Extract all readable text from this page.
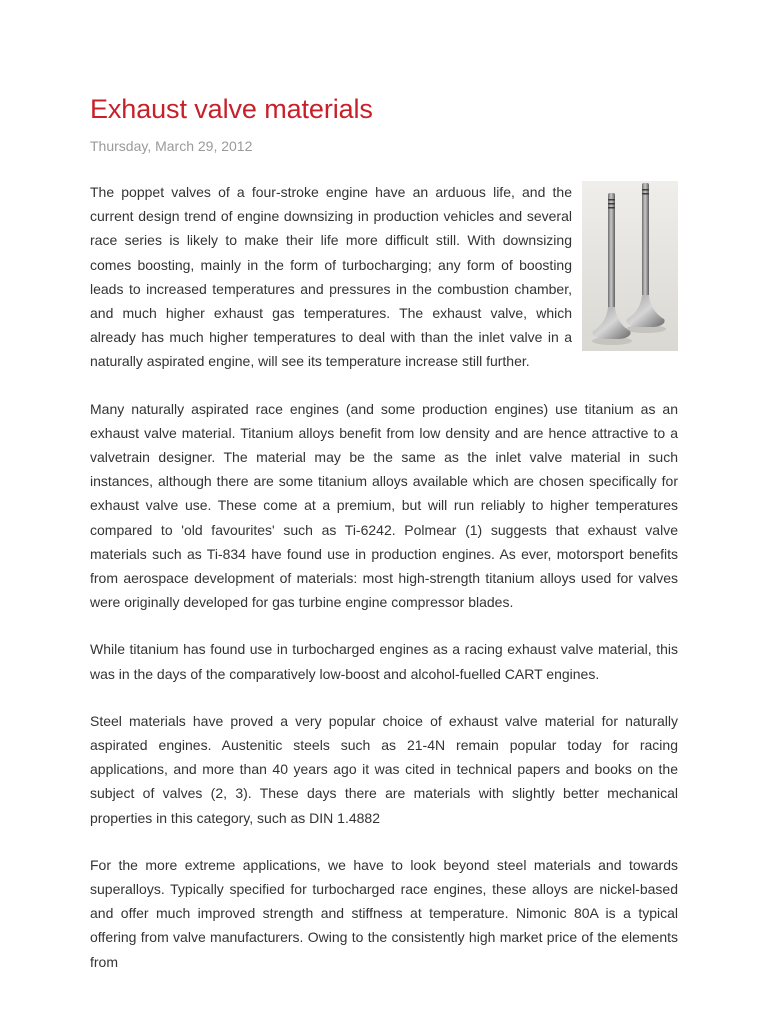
Exhaust valve materials
Thursday, March 29, 2012

The poppet valves of a four-stroke engine have an arduous life, and the current design trend of engine downsizing in production vehicles and several race series is likely to make their life more difficult still. With downsizing comes boosting, mainly in the form of turbocharging; any form of boosting leads to increased temperatures and pressures in the combustion chamber, and much higher exhaust gas temperatures. The exhaust valve, which already has much higher temperatures to deal with than the inlet valve in a naturally aspirated engine, will see its temperature increase still further.

Many naturally aspirated race engines (and some production engines) use titanium as an exhaust valve material. Titanium alloys benefit from low density and are hence attractive to a valvetrain designer. The material may be the same as the inlet valve material in such instances, although there are some titanium alloys available which are chosen specifically for exhaust valve use. These come at a premium, but will run reliably to higher temperatures compared to 'old favourites' such as Ti-6242. Polmear (1) suggests that exhaust valve materials such as Ti-834 have found use in production engines. As ever, motorsport benefits from aerospace development of materials: most high-strength titanium alloys used for valves were originally developed for gas turbine engine compressor blades.

While titanium has found use in turbocharged engines as a racing exhaust valve material, this was in the days of the comparatively low-boost and alcohol-fuelled CART engines.

Steel materials have proved a very popular choice of exhaust valve material for naturally aspirated engines. Austenitic steels such as 21-4N remain popular today for racing applications, and more than 40 years ago it was cited in technical papers and books on the subject of valves (2, 3). These days there are materials with slightly better mechanical properties in this category, such as DIN 1.4882

For the more extreme applications, we have to look beyond steel materials and towards superalloys. Typically specified for turbocharged race engines, these alloys are nickel-based and offer much improved strength and stiffness at temperature. Nimonic 80A is a typical offering from valve manufacturers. Owing to the consistently high market price of the elements from
